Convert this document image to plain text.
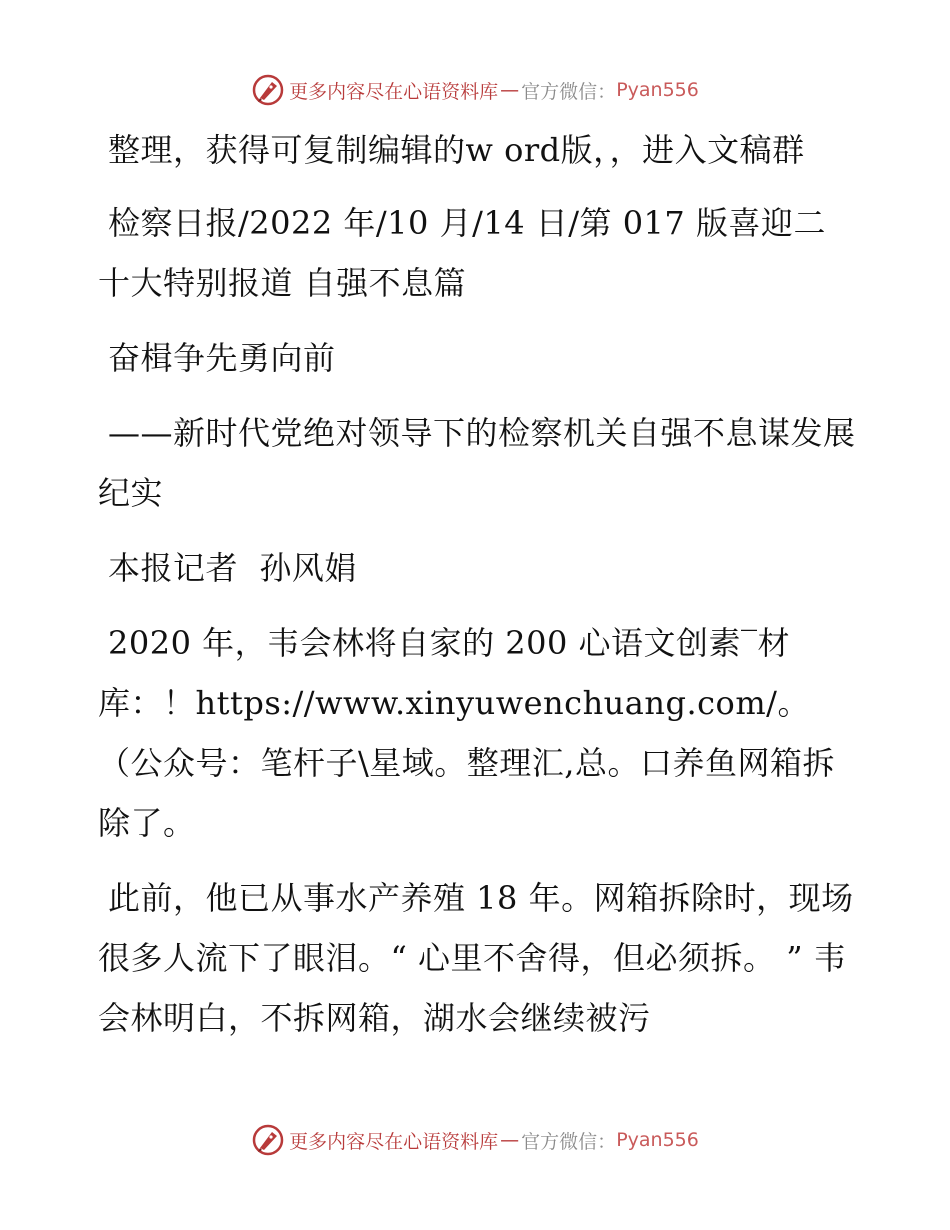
更多内容尽在心语资料库 — 官方微信： Pyan556

整理，获得可复制编辑的w ord版，，进入文稿群

检察日报/2022 年/10 月/14 日/第 017 版喜迎二十大特别报道 自强不息篇

奋楫争先勇向前

——新时代党绝对领导下的检察机关自强不息谋发展纪实

本报记者  孙风娟

2020 年，韦会林将自家的 200 心语文创素‾材库：！https://www.xinyuwenchuang.com/。（公众号：笔杆子\星域。整理汇,总。口养鱼网箱拆除了。

此前，他已从事水产养殖 18 年。网箱拆除时，现场很多人流下了眼泪。“ 心里不舍得，但必须拆。 ” 韦会林明白，不拆网箱，湖水会继续被污

更多内容尽在心语资料库 — 官方微信： Pyan556
